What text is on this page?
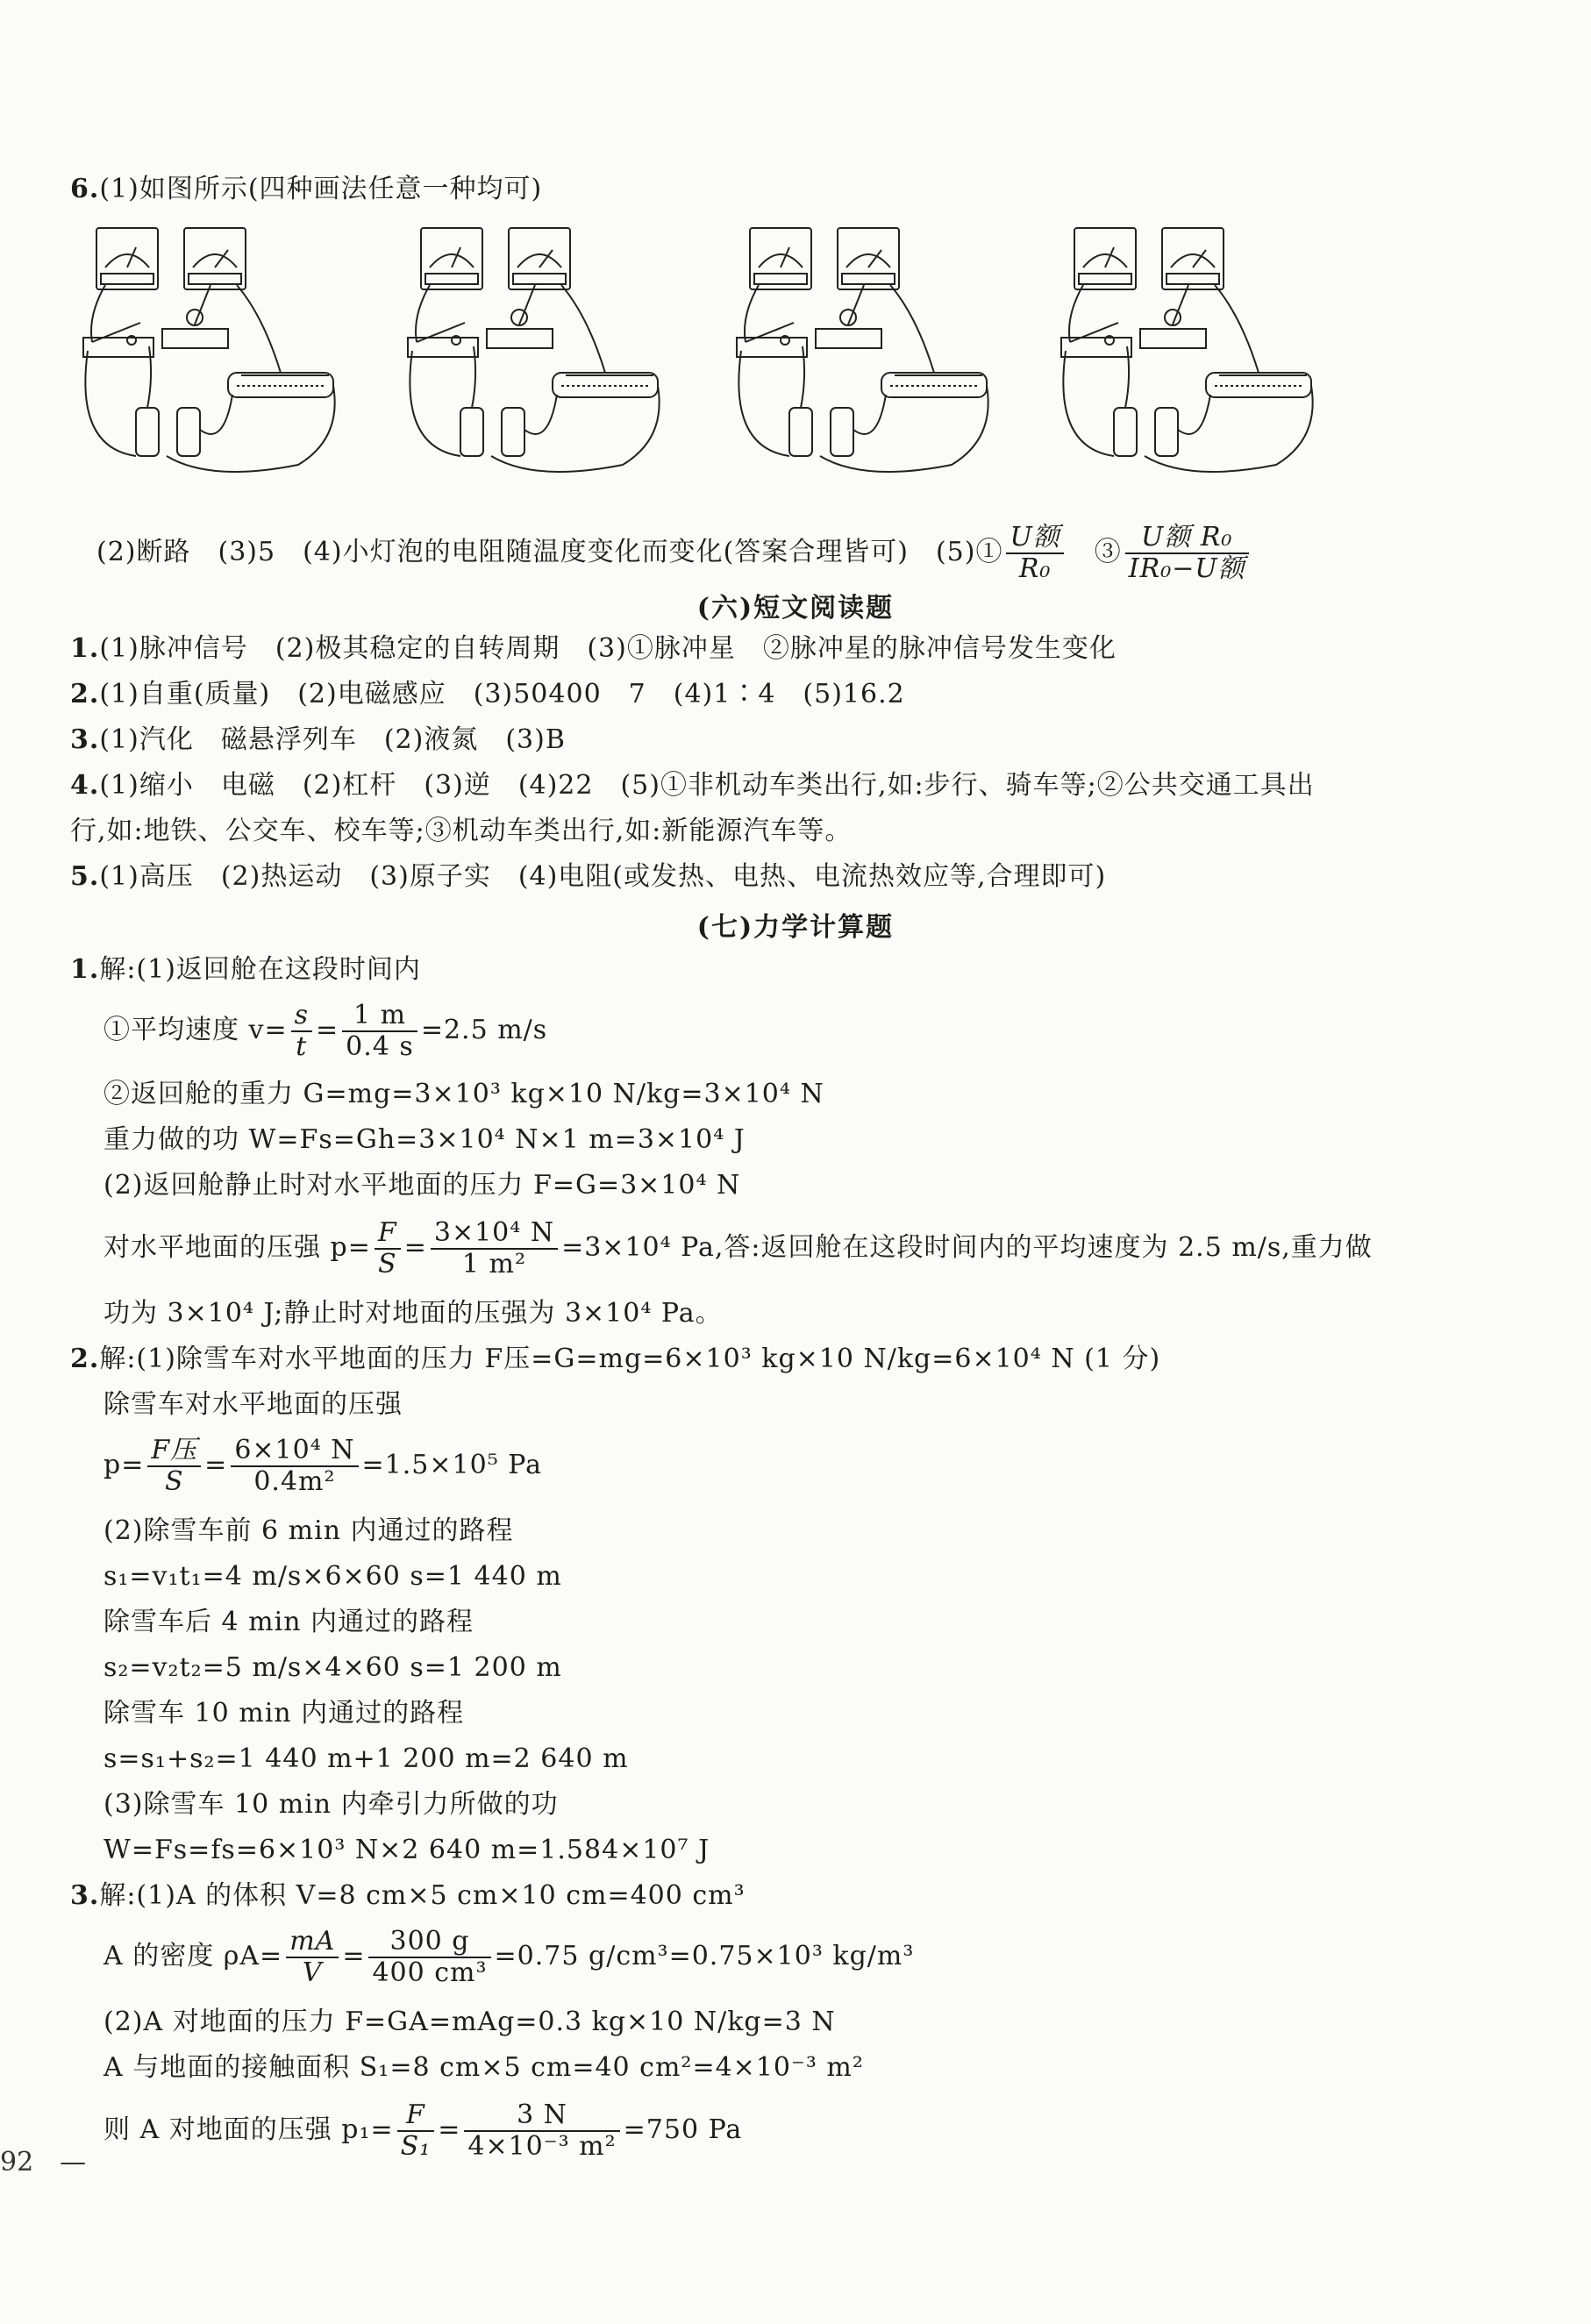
6.(1)如图所示(四种画法任意一种均可)
(2)断路　(3)5　(4)小灯泡的电阻随温度变化而变化(答案合理皆可)　(5)① $\frac{\text{U额}}{\text{R₀}}$ 　③ $\frac{\text{U额 R₀}}{\text{IR₀−U额}}$
(六)短文阅读题
1.(1)脉冲信号　(2)极其稳定的自转周期　(3)①脉冲星　②脉冲星的脉冲信号发生变化
2.(1)自重(质量)　(2)电磁感应　(3)50400　7　(4)1∶4　(5)16.2
3.(1)汽化　磁悬浮列车　(2)液氮　(3)B
4.(1)缩小　电磁　(2)杠杆　(3)逆　(4)22　(5)①非机动车类出行,如:步行、骑车等;②公共交通工具出
行,如:地铁、公交车、校车等;③机动车类出行,如:新能源汽车等。
5.(1)高压　(2)热运动　(3)原子实　(4)电阻(或发热、电热、电流热效应等,合理即可)
(七)力学计算题
1.解:(1)返回舱在这段时间内
①平均速度 $v= \frac{s}{t} = \frac{1 m}{0.4 s} =2.5$ m/s
②返回舱的重力 G=mg=3×10³ kg×10 N/kg=3×10⁴ N
重力做的功 W=Fs=Gh=3×10⁴ N×1 m=3×10⁴ J
(2)返回舱静止时对水平地面的压力 F=G=3×10⁴ N
对水平地面的压强 $p= \frac{F}{S} = \frac{\text{3×10⁴ N}}{\text{1 m²}} =3\times 10^4$ Pa,答:返回舱在这段时间内的平均速度为 2.5 m/s,重力做
功为 3×10⁴ J;静止时对地面的压强为 3×10⁴ Pa。
2.解:(1)除雪车对水平地面的压力 F压=G=mg=6×10³ kg×10 N/kg=6×10⁴ N (1 分)
除雪车对水平地面的压强
$p= \frac{\text{F压}}{S} = \frac{\text{6×10⁴ N}}{\text{0.4m²}} =1.5\times 10^5$ Pa
(2)除雪车前 6 min 内通过的路程
s₁=v₁t₁=4 m/s×6×60 s=1 440 m
除雪车后 4 min 内通过的路程
s₂=v₂t₂=5 m/s×4×60 s=1 200 m
除雪车 10 min 内通过的路程
s=s₁+s₂=1 440 m+1 200 m=2 640 m
(3)除雪车 10 min 内牵引力所做的功
W=Fs=fs=6×10³ N×2 640 m=1.584×10⁷ J
3.解:(1)A 的体积 V=8 cm×5 cm×10 cm=400 cm³
A 的密度 $\rho A= \frac{mA}{V} = \frac{300 g}{\text{400 cm³}} =0.75$ g/cm³=0.75×10³ kg/m³
(2)A 对地面的压力 F=GA=mAg=0.3 kg×10 N/kg=3 N
A 与地面的接触面积 S₁=8 cm×5 cm=40 cm²=4×10⁻³ m²
则 A 对地面的压强 $p_1= \frac{F}{\text{S₁}} = \frac{3 N}{\text{4×10⁻³ m²}} =750$ Pa
92　—
